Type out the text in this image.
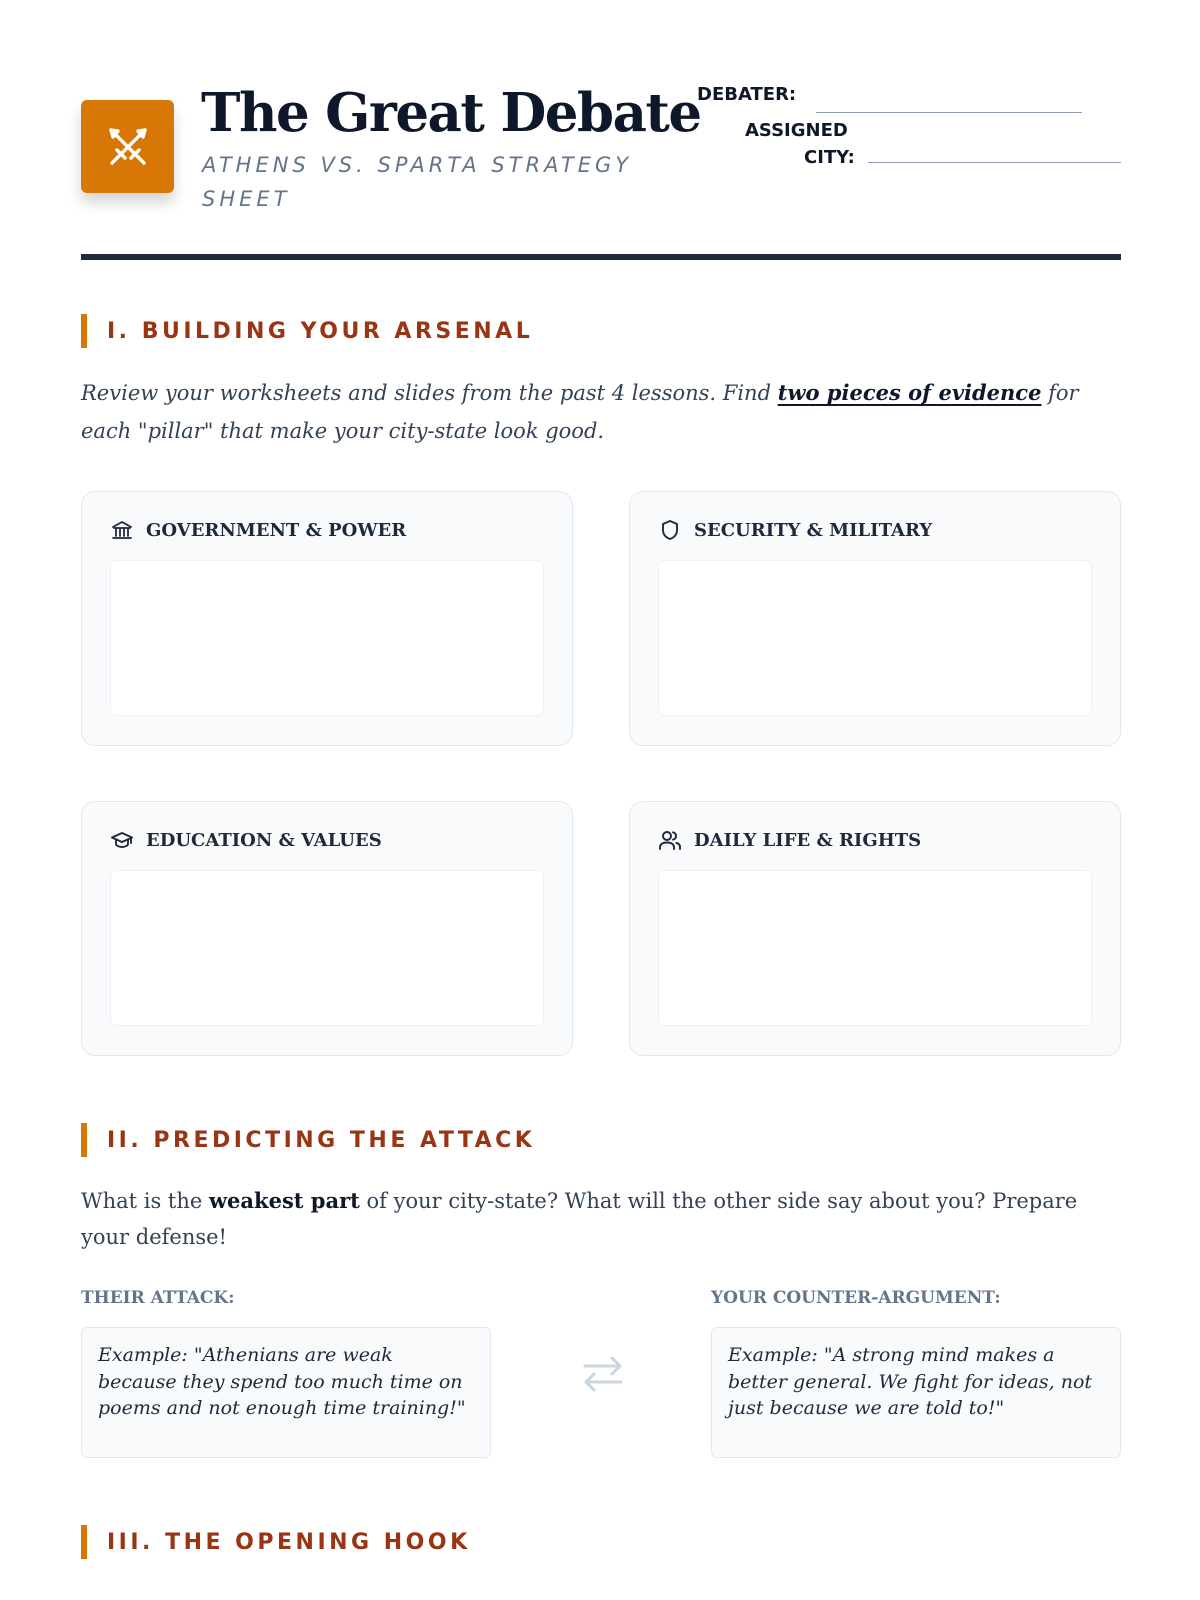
The Great Debate
ATHENS VS. SPARTA STRATEGY SHEET
DEBATER:
ASSIGNED
CITY:
I. BUILDING YOUR ARSENAL

Review your worksheets and slides from the past 4 lessons. Find two pieces of evidence for each "pillar" that make your city-state look good.

GOVERNMENT & POWER	SECURITY & MILITARY
EDUCATION & VALUES	DAILY LIFE & RIGHTS
II. PREDICTING THE ATTACK

What is the weakest part of your city-state? What will the other side say about you? Prepare your defense!

THEIR ATTACK:
Example: "Athenians are weak because they spend too much time on poems and not enough time training!"
YOUR COUNTER-ARGUMENT:
Example: "A strong mind makes a better general. We fight for ideas, not just because we are told to!"
III. THE OPENING HOOK
